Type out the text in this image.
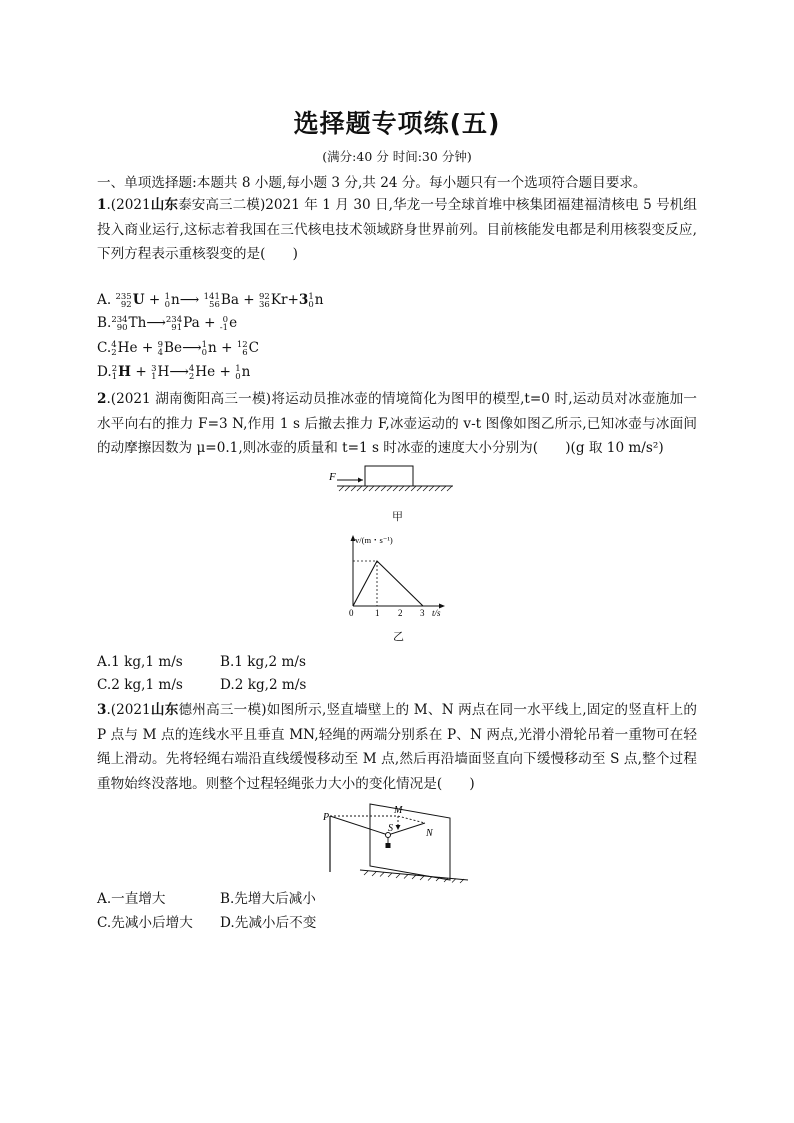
选择题专项练(五)
(满分:40 分 时间:30 分钟)
一、单项选择题:本题共 8 小题,每小题 3 分,共 24 分。每小题只有一个选项符合题目要求。
1.(2021山东泰安高三二模)2021 年 1 月 30 日,华龙一号全球首堆中核集团福建福清核电 5 号机组投入商业运行,这标志着我国在三代核电技术领域跻身世界前列。目前核能发电都是利用核裂变反应,下列方程表示重核裂变的是(　　)
A. 235
92 U + 1
0 n⟶ 141
56 Ba + 92
36 Kr+3 1
0 n
B. 234
90 Th⟶ 234
91 Pa + 0
-1 e
C. 4
2 He + 9
4 Be⟶ 1
0 n + 12
6 C
D. 2
1 H + 3
1 H⟶ 4
2 He + 1
0 n
2.(2021 湖南衡阳高三一模)将运动员推冰壶的情境简化为图甲的模型,t=0 时,运动员对冰壶施加一水平向右的推力 F=3 N,作用 1 s 后撤去推力 F,冰壶运动的 v-t 图像如图乙所示,已知冰壶与冰面间的动摩擦因数为 μ=0.1,则冰壶的质量和 t=1 s 时冰壶的速度大小分别为(　　)(g 取 10 m/s²)
F
甲
v/(m・s⁻¹)
0 1 2 3 t/s
乙
A.1 kg,1 m/s	B.1 kg,2 m/s
C.2 kg,1 m/s	D.2 kg,2 m/s
3.(2021山东德州高三一模)如图所示,竖直墙壁上的 M、N 两点在同一水平线上,固定的竖直杆上的 P 点与 M 点的连线水平且垂直 MN,轻绳的两端分别系在 P、N 两点,光滑小滑轮吊着一重物可在轻绳上滑动。先将轻绳右端沿直线缓慢移动至 M 点,然后再沿墙面竖直向下缓慢移动至 S 点,整个过程重物始终没落地。则整个过程轻绳张力大小的变化情况是(　　)
P
M
S	N
A.一直增大	B.先增大后减小
C.先减小后增大 D.先减小后不变
